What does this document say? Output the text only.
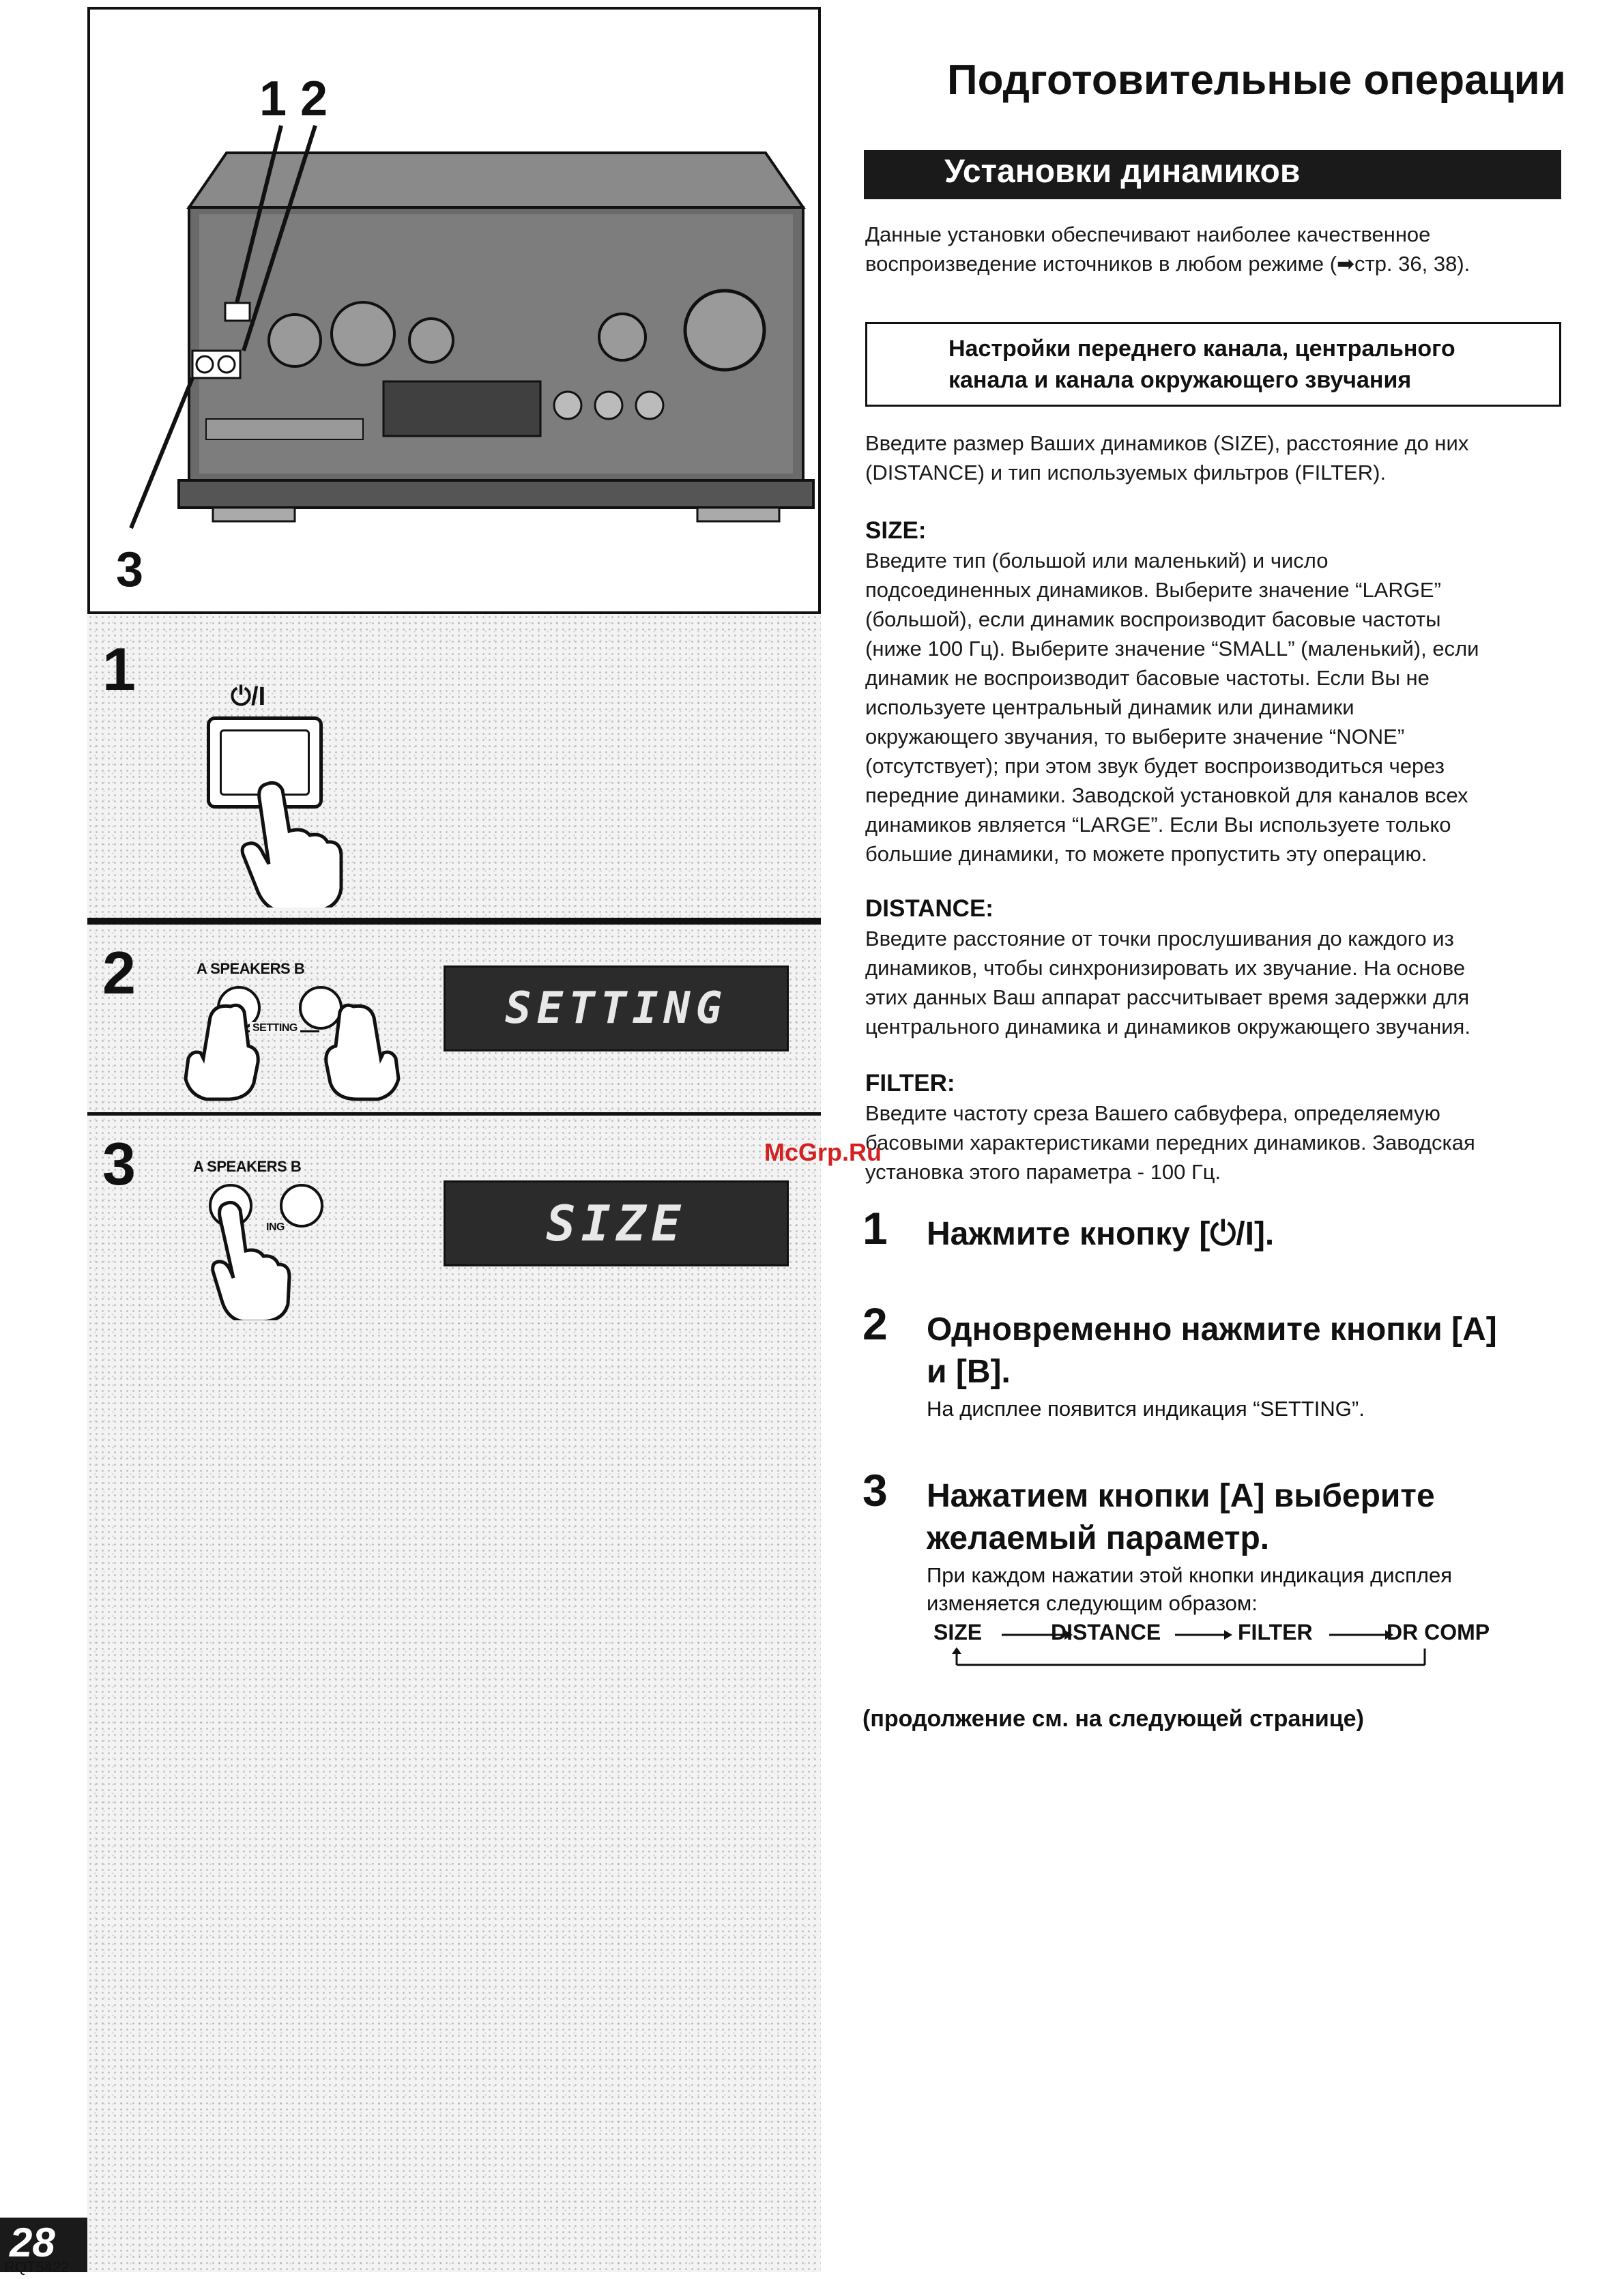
1 2
3
1	⏻/I
2	A SPEAKERS B
SETTING	SETTING
3	A SPEAKERS B
ING	SIZE
Подготовительные операции
Установки динамиков
Данные установки обеспечивают наиболее качественное
воспроизведение источников в любом режиме (➡стр. 36, 38).
Настройки переднего канала, центрального
канала и канала окружающего звучания
Введите размер Ваших динамиков (SIZE), расстояние до них
(DISTANCE) и тип используемых фильтров (FILTER).
SIZE:
Введите тип (большой или маленький) и число
подсоединенных динамиков. Выберите значение “LARGE”
(большой), если динамик воспроизводит басовые частоты
(ниже 100 Гц). Выберите значение “SMALL” (маленький), если
динамик не воспроизводит басовые частоты. Если Вы не
используете центральный динамик или динамики
окружающего звучания, то выберите значение “NONE”
(отсутствует); при этом звук будет воспроизводиться через
передние динамики. Заводской установкой для каналов всех
динамиков является “LARGE”. Если Вы используете только
большие динамики, то можете пропустить эту операцию.
DISTANCE:
Введите расстояние от точки прослушивания до каждого из
динамиков, чтобы синхронизировать их звучание. На основе
этих данных Ваш аппарат рассчитывает время задержки для
центрального динамика и динамиков окружающего звучания.
FILTER:
Введите частоту среза Вашего сабвуфера, определяемую
басовыми характеристиками передних динамиков. Заводская
установка этого параметра - 100 Гц.
McGrp.Ru
1 Нажмите кнопку [⏻/I].
2 Одновременно нажмите кнопки [A]
и [B].
На дисплее появится индикация “SETTING”.
3 Нажатием кнопки [A] выберите
желаемый параметр.
При каждом нажатии этой кнопки индикация дисплея
изменяется следующим образом:
SIZE	DISTANCE	FILTER	DR COMP
(продолжение см. на следующей странице)
28
RQT5422
